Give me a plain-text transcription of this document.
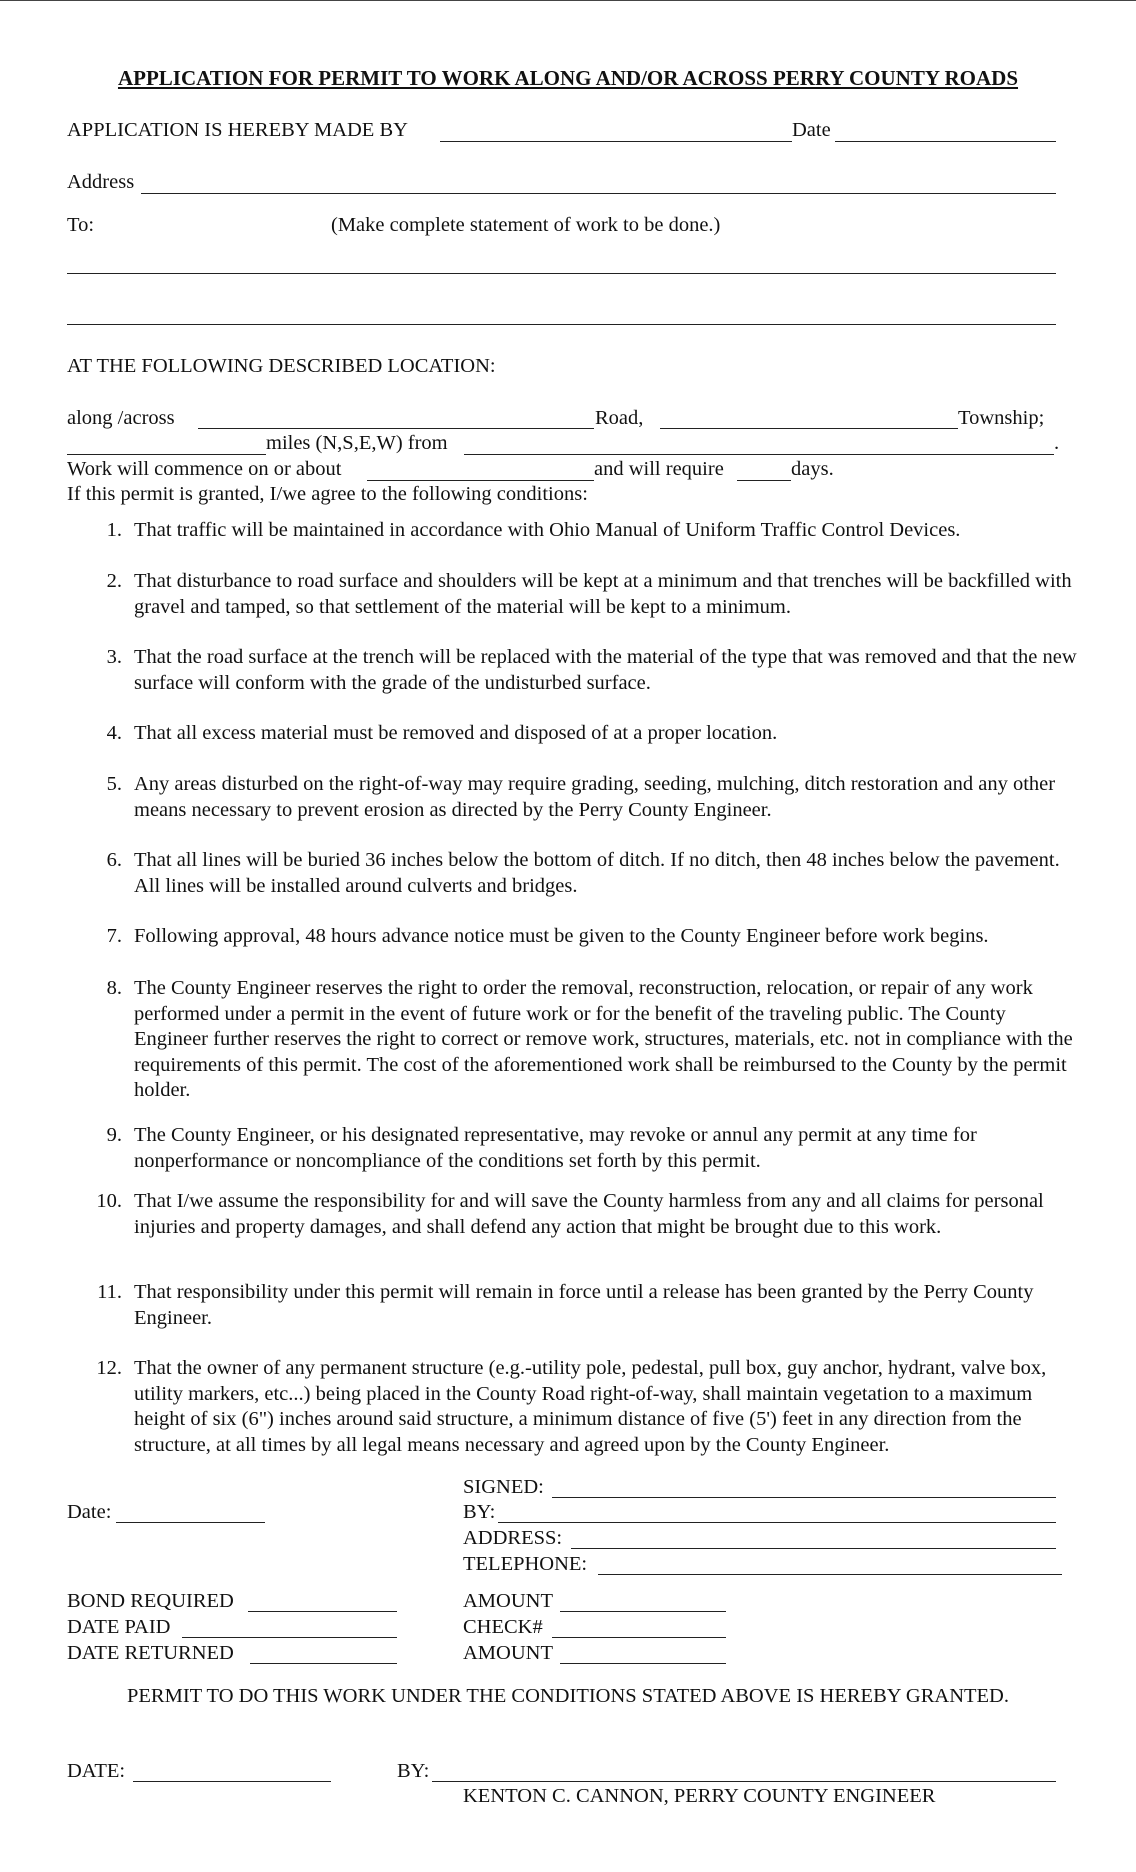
APPLICATION FOR PERMIT TO WORK ALONG AND/OR ACROSS PERRY COUNTY ROADS
APPLICATION IS HEREBY MADE BY	Date
Address
To:	(Make complete statement of work to be done.)
AT THE FOLLOWING DESCRIBED LOCATION:
along /across	Road,	Township;
miles (N,S,E,W) from	.
Work will commence on or about	and will require	days.
If this permit is granted, I/we agree to the following conditions:
1. That traffic will be maintained in accordance with Ohio Manual of Uniform Traffic Control Devices.
2. That disturbance to road surface and shoulders will be kept at a minimum and that trenches will be backfilled with gravel and tamped, so that settlement of the material will be kept to a minimum.
3. That the road surface at the trench will be replaced with the material of the type that was removed and that the new surface will conform with the grade of the undisturbed surface.
4. That all excess material must be removed and disposed of at a proper location.
5. Any areas disturbed on the right-of-way may require grading, seeding, mulching, ditch restoration and any other means necessary to prevent erosion as directed by the Perry County Engineer.
6. That all lines will be buried 36 inches below the bottom of ditch. If no ditch, then 48 inches below the pavement. All lines will be installed around culverts and bridges.
7. Following approval, 48 hours advance notice must be given to the County Engineer before work begins.
8. The County Engineer reserves the right to order the removal, reconstruction, relocation, or repair of any work performed under a permit in the event of future work or for the benefit of the traveling public. The County Engineer further reserves the right to correct or remove work, structures, materials, etc. not in compliance with the requirements of this permit. The cost of the aforementioned work shall be reimbursed to the County by the permit holder.
9. The County Engineer, or his designated representative, may revoke or annul any permit at any time for nonperformance or noncompliance of the conditions set forth by this permit.
10. That I/we assume the responsibility for and will save the County harmless from any and all claims for personal injuries and property damages, and shall defend any action that might be brought due to this work.
11. That responsibility under this permit will remain in force until a release has been granted by the Perry County Engineer.
12. That the owner of any permanent structure (e.g.-utility pole, pedestal, pull box, guy anchor, hydrant, valve box, utility markers, etc...) being placed in the County Road right-of-way, shall maintain vegetation to a maximum height of six (6") inches around said structure, a minimum distance of five (5') feet in any direction from the structure, at all times by all legal means necessary and agreed upon by the County Engineer.
SIGNED:
Date:	BY:
ADDRESS:
TELEPHONE:
BOND REQUIRED	AMOUNT
DATE PAID	CHECK#
DATE RETURNED	AMOUNT
PERMIT TO DO THIS WORK UNDER THE CONDITIONS STATED ABOVE IS HEREBY GRANTED.
DATE:	BY:
KENTON C. CANNON, PERRY COUNTY ENGINEER
